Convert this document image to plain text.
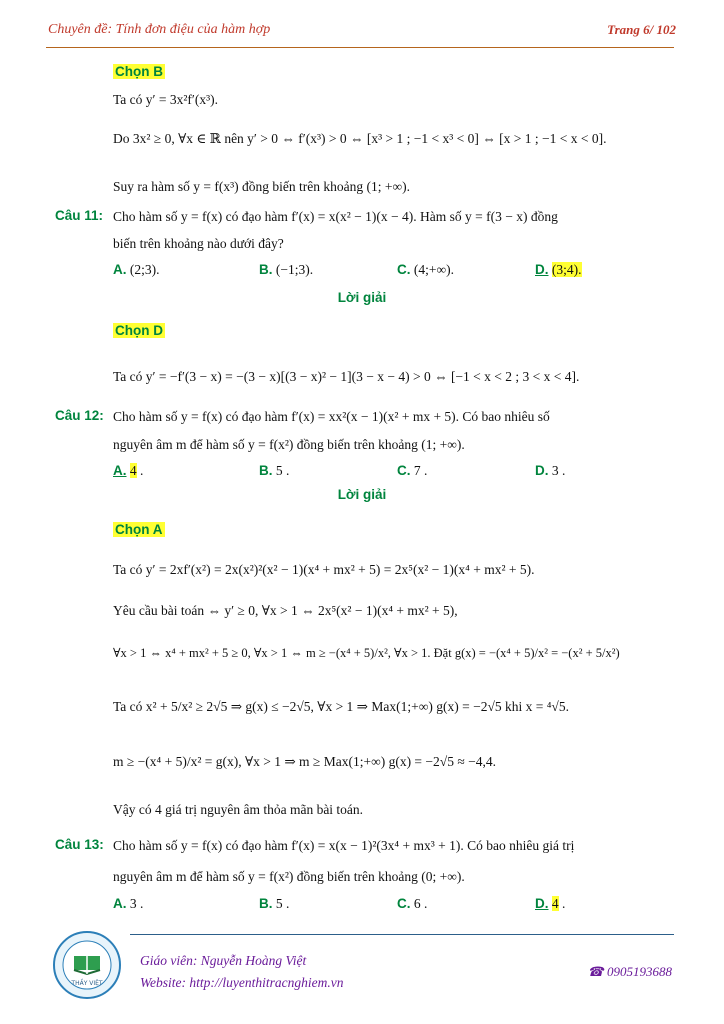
Chuyên đề: Tính đơn điệu của hàm hợp	Trang 6/ 102
Chọn B
Ta có y′ = 3x²f′(x³).
Do 3x² ≥ 0, ∀x ∈ ℝ nên y′ > 0 ⇔ f′(x³) > 0 ⇔ [x³ > 1 ; −1 < x³ < 0] ⇔ [x > 1 ; −1 < x < 0].
Suy ra hàm số y = f(x³) đồng biến trên khoảng (1; +∞).
Câu 11: Cho hàm số y = f(x) có đạo hàm f′(x) = x(x² − 1)(x − 4). Hàm số y = f(3 − x) đồng
biến trên khoảng nào dưới đây?
A. (2;3).	B. (−1;3).	C. (4;+∞).	D. (3;4).
Lời giải
Chọn D
Ta có y′ = −f′(3 − x) = −(3 − x)[(3 − x)² − 1](3 − x − 4) > 0 ⇔ [−1 < x < 2 ; 3 < x < 4].
Câu 12: Cho hàm số y = f(x) có đạo hàm f′(x) = xx²(x − 1)(x² + mx + 5). Có bao nhiêu số
nguyên âm m để hàm số y = f(x²) đồng biến trên khoảng (1; +∞).
A. 4 .	B. 5 .	C. 7 .	D. 3 .
Lời giải
Chọn A
Ta có y′ = 2xf′(x²) = 2x(x²)²(x² − 1)(x⁴ + mx² + 5) = 2x⁵(x² − 1)(x⁴ + mx² + 5).
Yêu cầu bài toán ⇔ y′ ≥ 0, ∀x > 1 ⇔ 2x⁵(x² − 1)(x⁴ + mx² + 5),
∀x > 1 ⇔ x⁴ + mx² + 5 ≥ 0, ∀x > 1 ⇔ m ≥ −(x⁴ + 5)/x², ∀x > 1. Đặt g(x) = −(x⁴ + 5)/x² = −(x² + 5/x²)
Ta có x² + 5/x² ≥ 2√5 ⇒ g(x) ≤ −2√5, ∀x > 1 ⇒ Max(1;+∞) g(x) = −2√5 khi x = ⁴√5.
m ≥ −(x⁴ + 5)/x² = g(x), ∀x > 1 ⇒ m ≥ Max(1;+∞) g(x) = −2√5 ≈ −4,4.
Vậy có 4 giá trị nguyên âm thỏa mãn bài toán.
Câu 13: Cho hàm số y = f(x) có đạo hàm f′(x) = x(x − 1)²(3x⁴ + mx³ + 1). Có bao nhiêu giá trị
nguyên âm m để hàm số y = f(x²) đồng biến trên khoảng (0; +∞).
A. 3 .	B. 5 .	C. 6 .	D. 4 .
THẦY VIỆT
Giáo viên: Nguyễn Hoàng Việt
Website: http://luyenthitracnghiem.vn
☎ 0905193688
